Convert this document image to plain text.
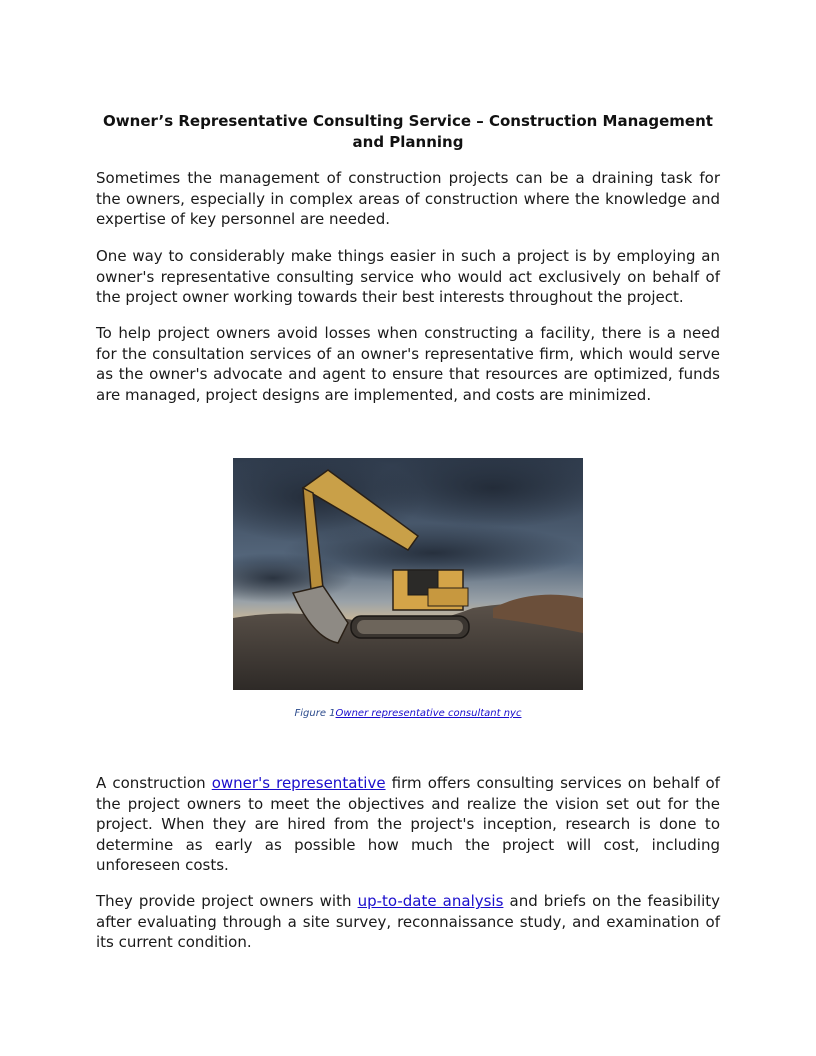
Owner’s Representative Consulting Service – Construction Management and Planning

Sometimes the management of construction projects can be a draining task for the owners, especially in complex areas of construction where the knowledge and expertise of key personnel are needed.

One way to considerably make things easier in such a project is by employing an owner's representative consulting service who would act exclusively on behalf of the project owner working towards their best interests throughout the project.

To help project owners avoid losses when constructing a facility, there is a need for the consultation services of an owner's representative firm, which would serve as the owner's advocate and agent to ensure that resources are optimized, funds are managed, project designs are implemented, and costs are minimized.

Figure 1Owner representative consultant nyc

A construction owner's representative firm offers consulting services on behalf of the project owners to meet the objectives and realize the vision set out for the project. When they are hired from the project's inception, research is done to determine as early as possible how much the project will cost, including unforeseen costs.

They provide project owners with up-to-date analysis and briefs on the feasibility after evaluating through a site survey, reconnaissance study, and examination of its current condition.
